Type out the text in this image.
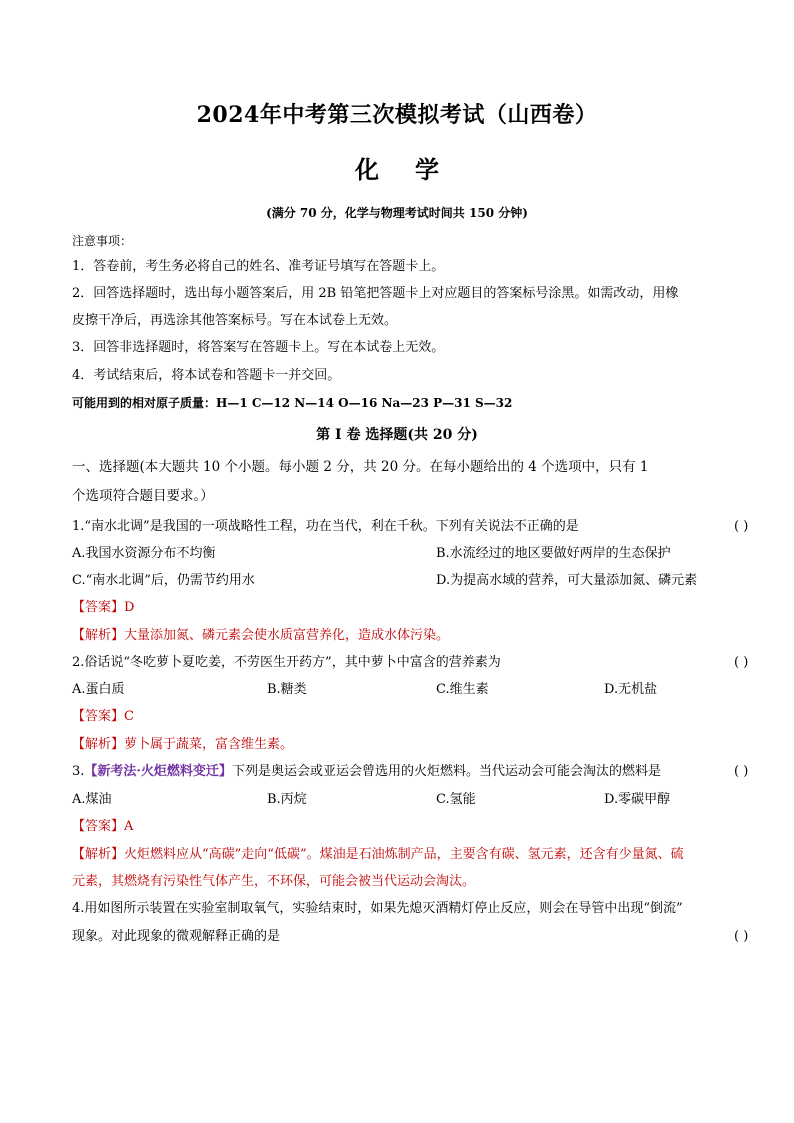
2024年中考第三次模拟考试（山西卷）
化 学
(满分 70 分，化学与物理考试时间共 150 分钟)
注意事项：
1．答卷前，考生务必将自己的姓名、准考证号填写在答题卡上。
2．回答选择题时，选出每小题答案后，用 2B 铅笔把答题卡上对应题目的答案标号涂黑。如需改动，用橡
皮擦干净后，再选涂其他答案标号。写在本试卷上无效。
3．回答非选择题时，将答案写在答题卡上。写在本试卷上无效。
4．考试结束后，将本试卷和答题卡一并交回。
可能用到的相对原子质量：H—1 C—12 N—14 O—16 Na—23 P—31 S—32
第 I 卷 选择题(共 20 分)
一、选择题(本大题共 10 个小题。每小题 2 分，共 20 分。在每小题给出的 4 个选项中，只有 1
个选项符合题目要求。）
1.“南水北调”是我国的一项战略性工程，功在当代，利在千秋。下列有关说法不正确的是	( )
A.我国水资源分布不均衡	B.水流经过的地区要做好两岸的生态保护
C.“南水北调”后，仍需节约用水	D.为提高水域的营养，可大量添加氮、磷元素
【答案】D
【解析】大量添加氮、磷元素会使水质富营养化，造成水体污染。
2.俗话说“冬吃萝卜夏吃姜，不劳医生开药方”，其中萝卜中富含的营养素为	( )
A.蛋白质	B.糖类	C.维生素	D.无机盐
【答案】C
【解析】萝卜属于蔬菜，富含维生素。
3.【新考法·火炬燃料变迁】下列是奥运会或亚运会曾选用的火炬燃料。当代运动会可能会淘汰的燃料是	( )
A.煤油	B.丙烷	C.氢能	D.零碳甲醇
【答案】A
【解析】火炬燃料应从“高碳”走向“低碳”。煤油是石油炼制产品，主要含有碳、氢元素，还含有少量氮、硫
元素，其燃烧有污染性气体产生，不环保，可能会被当代运动会淘汰。
4.用如图所示装置在实验室制取氧气，实验结束时，如果先熄灭酒精灯停止反应，则会在导管中出现“倒流”
现象。对此现象的微观解释正确的是	( )
